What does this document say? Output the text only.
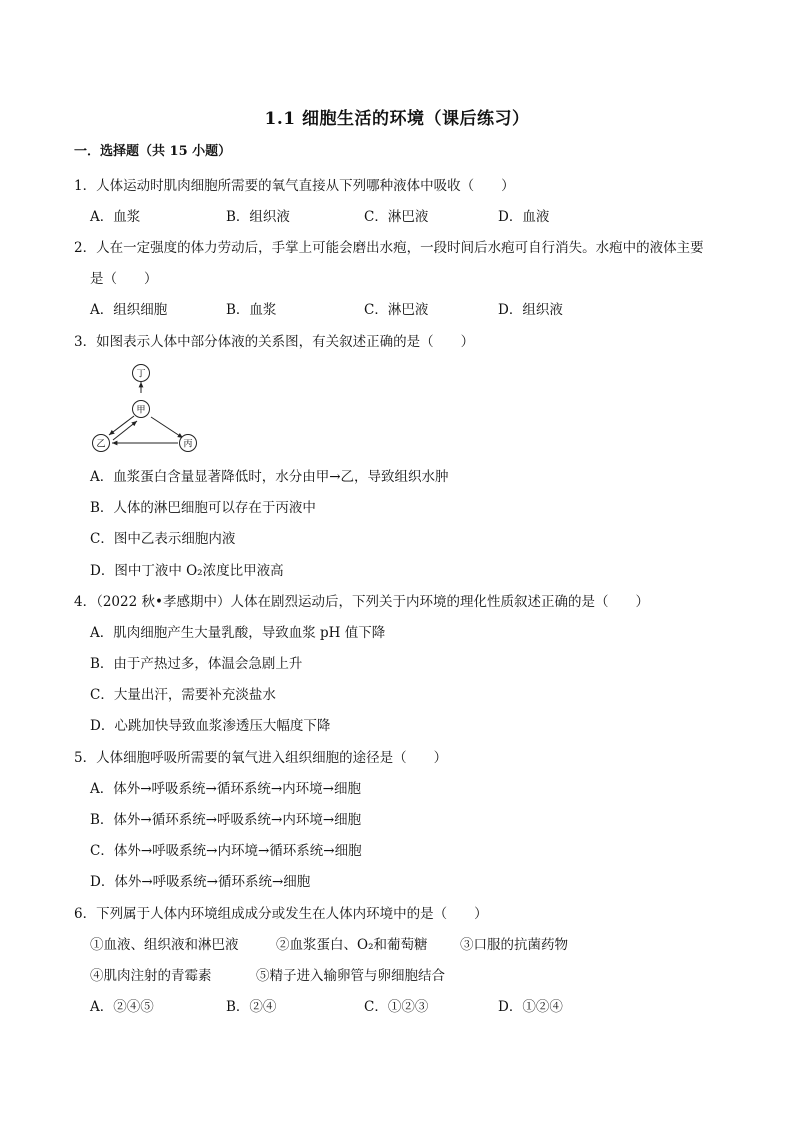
1.1 细胞生活的环境（课后练习）
一．选择题（共 15 小题）
1．人体运动时肌肉细胞所需要的氧气直接从下列哪种液体中吸收（　　）
A．血浆	B．组织液	C．淋巴液	D．血液
2．人在一定强度的体力劳动后，手掌上可能会磨出水疱，一段时间后水疱可自行消失。水疱中的液体主要
是（　　）
A．组织细胞	B．血浆	C．淋巴液	D．组织液
3．如图表示人体中部分体液的关系图，有关叙述正确的是（　　）
丁
甲
乙	丙
A．血浆蛋白含量显著降低时，水分由甲→乙，导致组织水肿
B．人体的淋巴细胞可以存在于丙液中
C．图中乙表示细胞内液
D．图中丁液中 O₂浓度比甲液高
4．（2022 秋•孝感期中）人体在剧烈运动后，下列关于内环境的理化性质叙述正确的是（　　）
A．肌肉细胞产生大量乳酸，导致血浆 pH 值下降
B．由于产热过多，体温会急剧上升
C．大量出汗，需要补充淡盐水
D．心跳加快导致血浆渗透压大幅度下降
5．人体细胞呼吸所需要的氧气进入组织细胞的途径是（　　）
A．体外→呼吸系统→循环系统→内环境→细胞
B．体外→循环系统→呼吸系统→内环境→细胞
C．体外→呼吸系统→内环境→循环系统→细胞
D．体外→呼吸系统→循环系统→细胞
6．下列属于人体内环境组成成分或发生在人体内环境中的是（　　）
①血液、组织液和淋巴液	②血浆蛋白、O₂和葡萄糖 ③口服的抗菌药物
④肌肉注射的青霉素	⑤精子进入输卵管与卵细胞结合
A．②④⑤	B．②④	C．①②③	D．①②④
